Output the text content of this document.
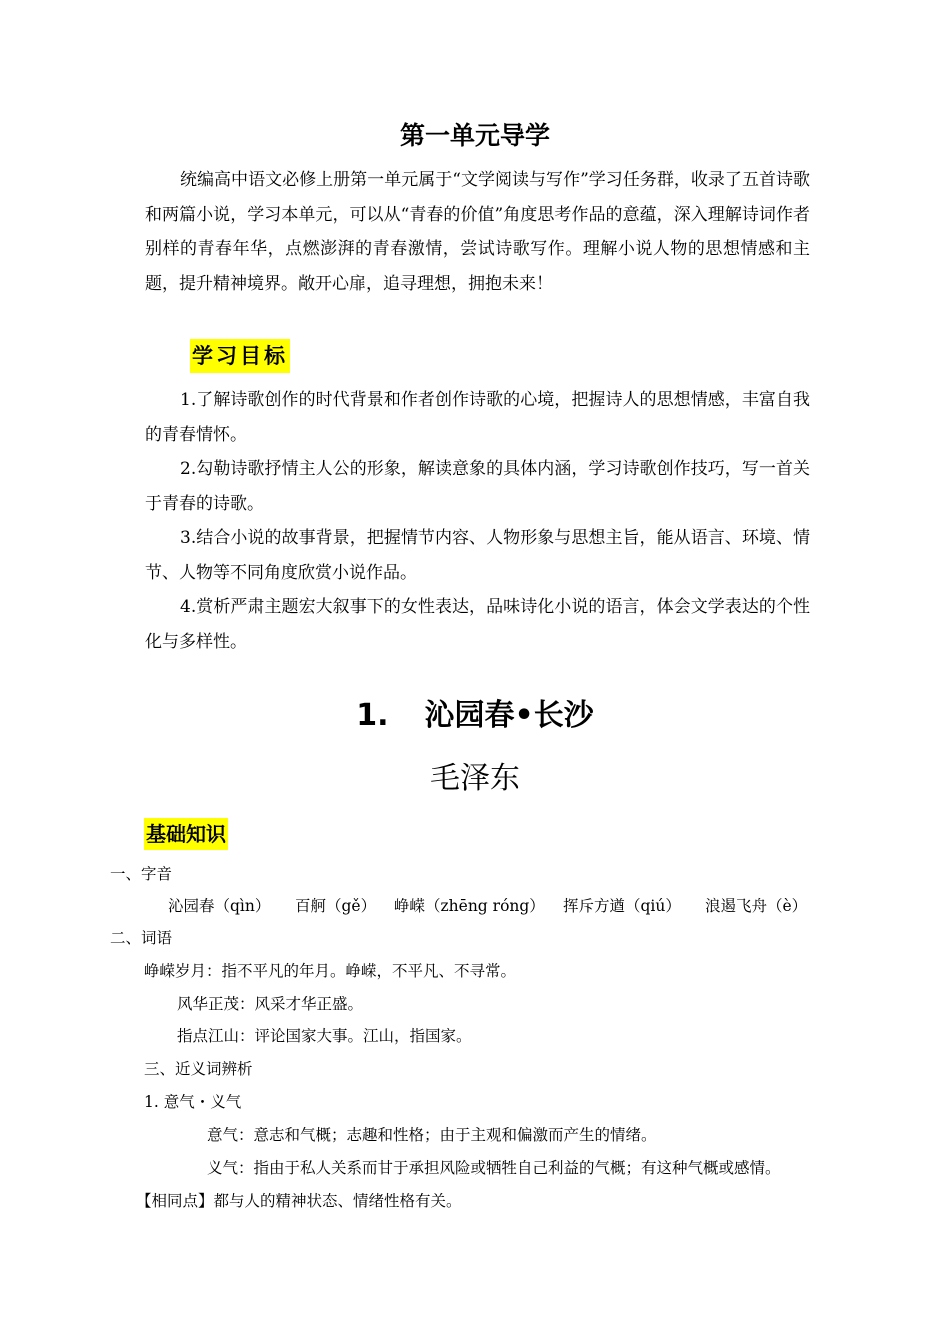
第一单元导学

统编高中语文必修上册第一单元属于“文学阅读与写作”学习任务群，收录了五首诗歌和两篇小说，学习本单元，可以从“青春的价值”角度思考作品的意蕴，深入理解诗词作者别样的青春年华，点燃澎湃的青春激情，尝试诗歌写作。理解小说人物的思想情感和主题，提升精神境界。敞开心扉，追寻理想，拥抱未来！

学习目标

1.了解诗歌创作的时代背景和作者创作诗歌的心境，把握诗人的思想情感，丰富自我的青春情怀。

2.勾勒诗歌抒情主人公的形象，解读意象的具体内涵，学习诗歌创作技巧，写一首关于青春的诗歌。

3.结合小说的故事背景，把握情节内容、人物形象与思想主旨，能从语言、环境、情节、人物等不同角度欣赏小说作品。

4.赏析严肃主题宏大叙事下的女性表达，品味诗化小说的语言，体会文学表达的个性化与多样性。

1. 沁园春•长沙
毛泽东
基础知识
一、字音
沁园春（qìn） 百舸（gě） 峥嵘（zhēng róng） 挥斥方遒（qiú） 浪遏飞舟（è）
二、词语
峥嵘岁月：指不平凡的年月。峥嵘，不平凡、不寻常。
风华正茂：风采才华正盛。
指点江山：评论国家大事。江山，指国家。
三、近义词辨析
1. 意气・义气
意气：意志和气概；志趣和性格；由于主观和偏激而产生的情绪。
义气：指由于私人关系而甘于承担风险或牺牲自己利益的气概；有这种气概或感情。
【相同点】都与人的精神状态、情绪性格有关。
